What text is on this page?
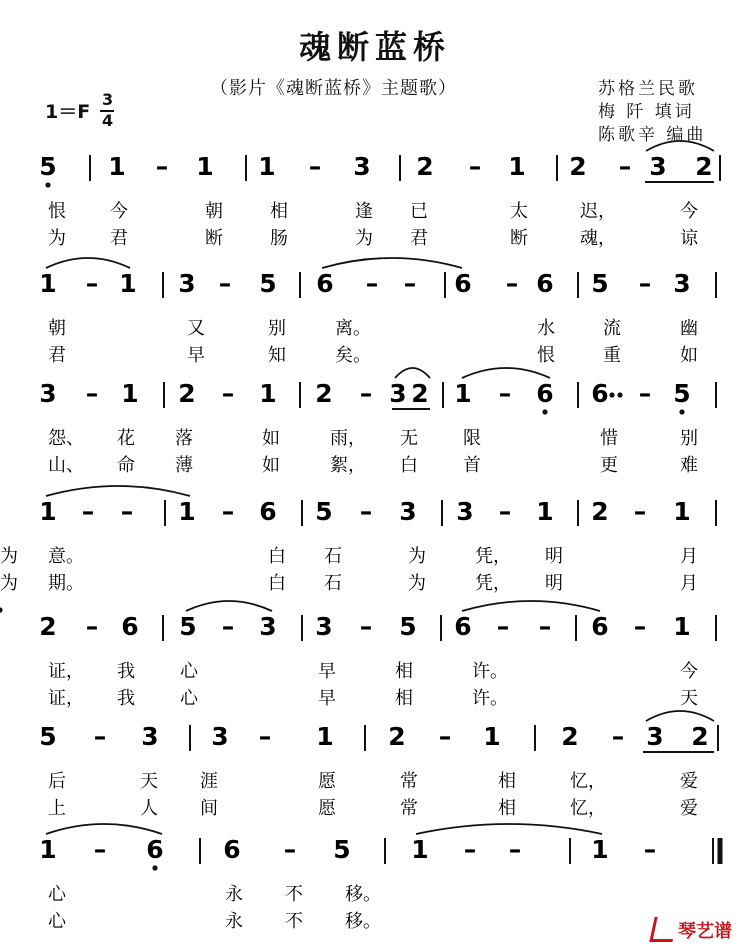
魂断蓝桥
（影片《魂断蓝桥》主题歌）	苏格兰民歌
梅 阡 填词
陈歌辛 编曲
1＝F
3
4
5 1 – 1 1 – 3 2 – 1 2 – 3 2
恨 今	朝	相	逢 已	太	迟，	今
为 君	断	肠	为 君	断	魂，	谅
1 – 1 3 – 5 6 – – 6 – 6 5 – 3
朝	又	别	离。	水	流	幽
君	早	知	矣。	恨	重	如
3 – 1 2 – 1 2 – 3 2 1 – 6 6 – 5
怨、 花 落	如	雨， 无	限	惜	别
山、 命 薄	如	絮， 白	首	更	难
1 – – 1 – 6 5 – 3 3 – 1 2 – 1
意。	白 石	为	凭， 明	月
为
期。	白 石	为	凭， 明	月
为
2 – 6 5 – 3 3 – 5 6 – – 6 – 1
证， 我	心	早	相	许。	今
证， 我	心	早	相	许。	天
5 – 3 3 – 1 2 – 1 2 – 3 2
后	天 涯	愿	常	相	忆，	爱
上	人 间	愿	常	相	忆，	爱
1 – 6 6 – 5 1 – –	1 –
心	永 不 移。
心	永 不 移。	琴艺谱
